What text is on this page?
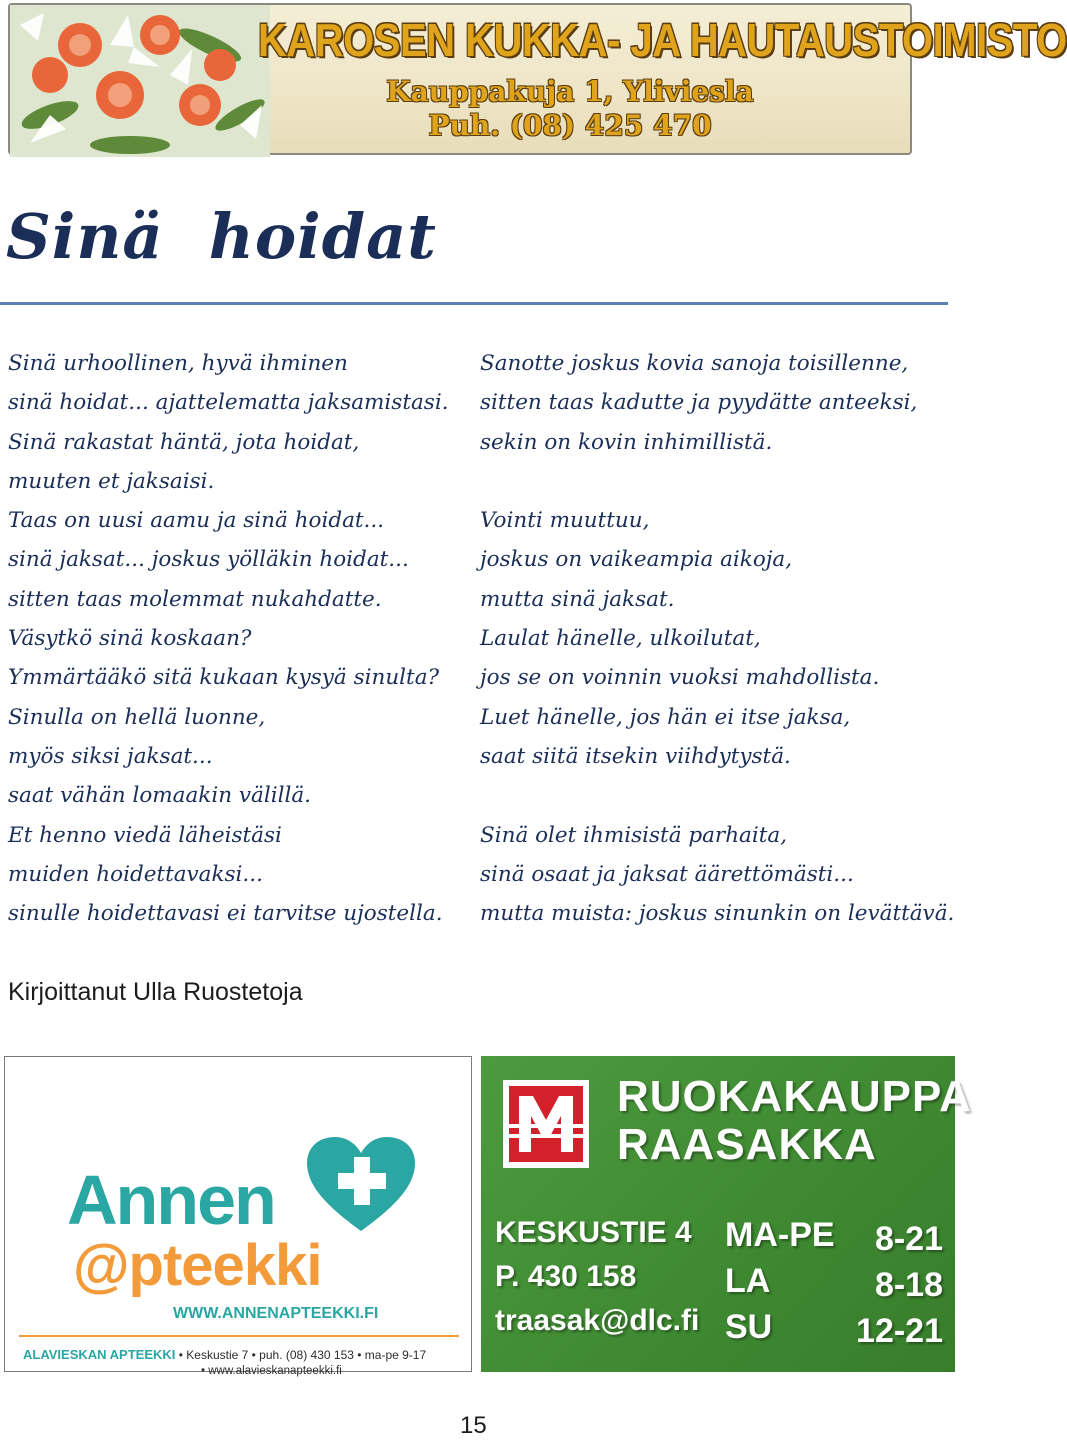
KAROSEN KUKKA- JA HAUTAUSTOIMISTO
Kauppakuja 1, Yliviesla
Puh. (08) 425 470
Sinä  hoidat
Sinä urhoollinen, hyvä ihminen
sinä hoidat... ajattelematta jaksamistasi.
Sinä rakastat häntä, jota hoidat,
muuten et jaksaisi.
Taas on uusi aamu ja sinä hoidat...
sinä jaksat... joskus yölläkin hoidat...
sitten taas molemmat nukahdatte.
Väsytkö sinä koskaan?
Ymmärtääkö sitä kukaan kysyä sinulta?
Sinulla on hellä luonne,
myös siksi jaksat...
saat vähän lomaakin välillä.
Et henno viedä läheistäsi
muiden hoidettavaksi...
sinulle hoidettavasi ei tarvitse ujostella.
Sanotte joskus kovia sanoja toisillenne,
sitten taas kadutte ja pyydätte anteeksi,
sekin on kovin inhimillistä.
Vointi muuttuu,
joskus on vaikeampia aikoja,
mutta sinä jaksat.
Laulat hänelle, ulkoilutat,
jos se on voinnin vuoksi mahdollista.
Luet hänelle, jos hän ei itse jaksa,
saat siitä itsekin viihdytystä.
Sinä olet ihmisistä parhaita,
sinä osaat ja jaksat äärettömästi...
mutta muista: joskus sinunkin on levättävä.
Kirjoittanut Ulla Ruostetoja
Annen
@pteekki
WWW.ANNENAPTEEKKI.FI
ALAVIESKAN APTEEKKI • Keskustie 7 • puh. (08) 430 153 • ma-pe 9-17
• www.alavieskanapteekki.fi
RUOKAKAUPPA
RAASAKKA
KESKUSTIE 4
P. 430 158
traasak@dlc.fi
MA-PE 8-21
LA	8-18
SU 12-21
15
